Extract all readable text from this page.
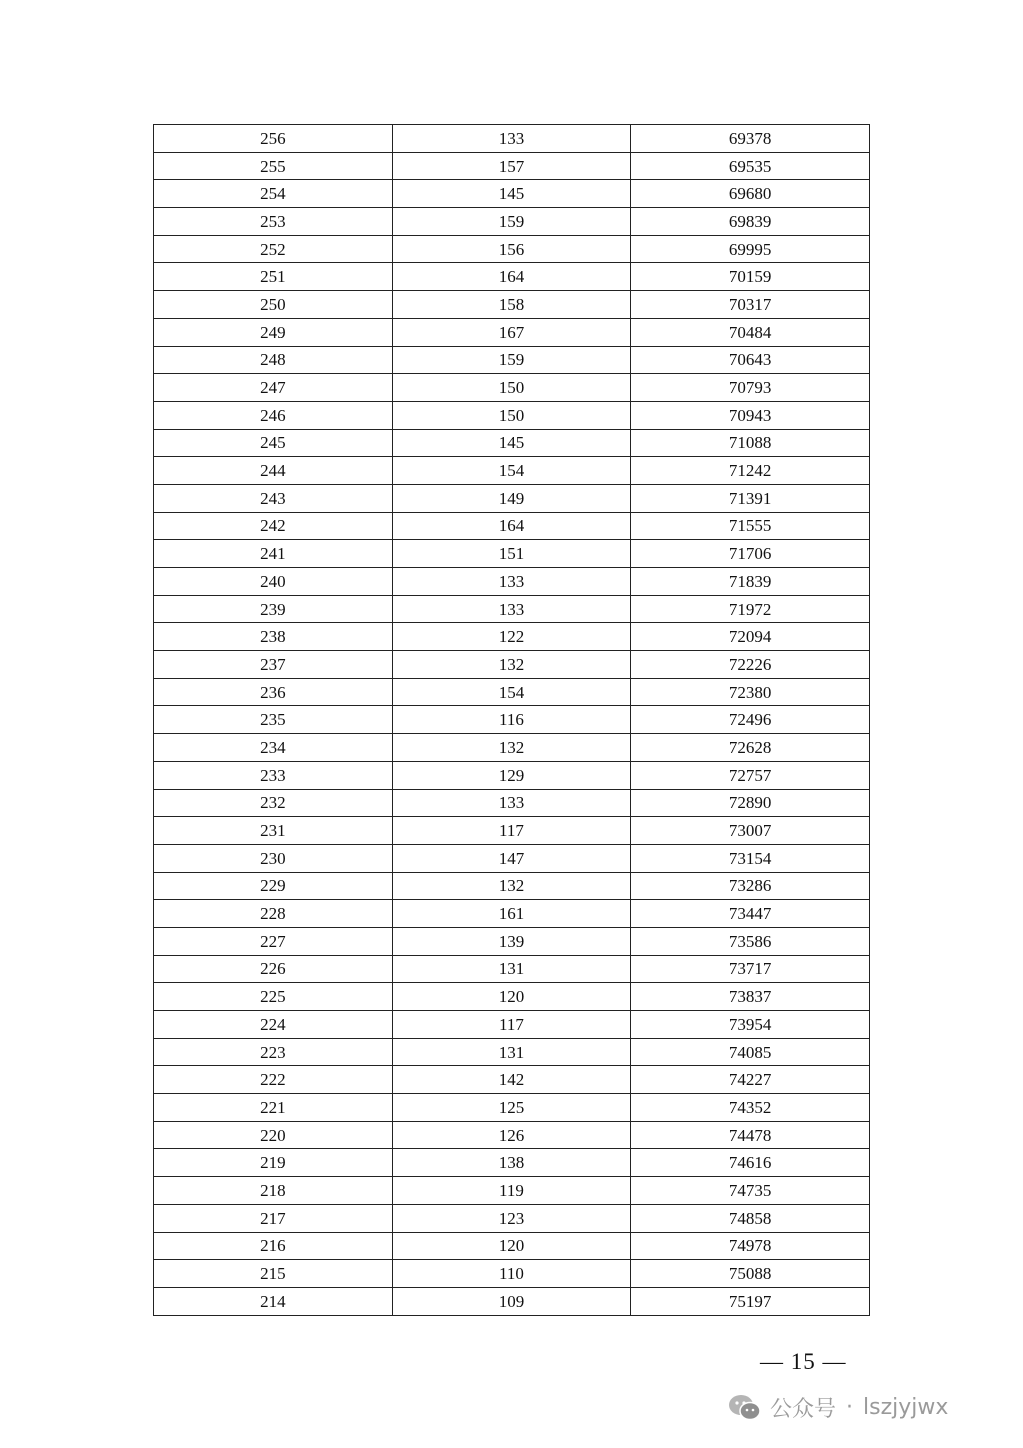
256	133	69378
255	157	69535
254	145	69680
253	159	69839
252	156	69995
251	164	70159
250	158	70317
249	167	70484
248	159	70643
247	150	70793
246	150	70943
245	145	71088
244	154	71242
243	149	71391
242	164	71555
241	151	71706
240	133	71839
239	133	71972
238	122	72094
237	132	72226
236	154	72380
235	116	72496
234	132	72628
233	129	72757
232	133	72890
231	117	73007
230	147	73154
229	132	73286
228	161	73447
227	139	73586
226	131	73717
225	120	73837
224	117	73954
223	131	74085
222	142	74227
221	125	74352
220	126	74478
219	138	74616
218	119	74735
217	123	74858
216	120	74978
215	110	75088
214	109	75197
— 15 —
公众号 · lszjyjwx
